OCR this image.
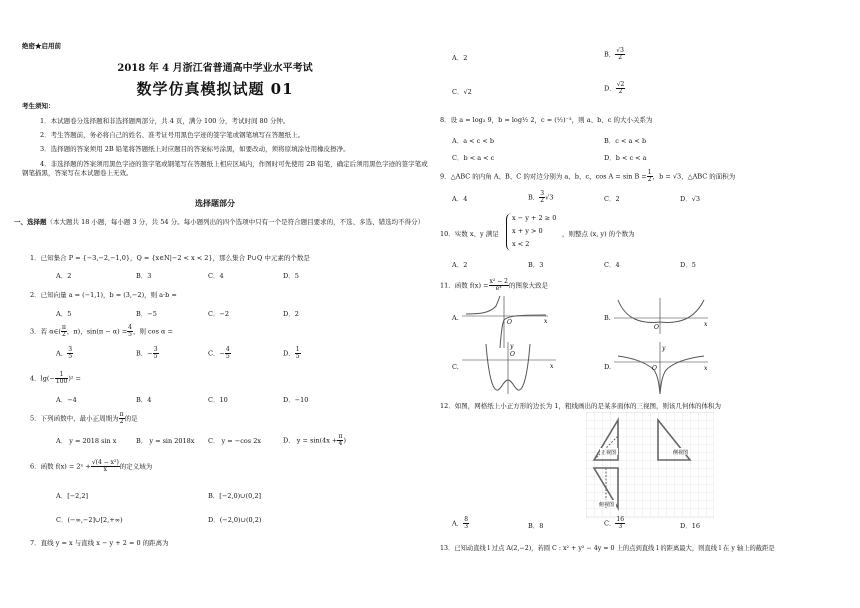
绝密★启用前
2018 年 4 月浙江省普通高中学业水平考试
数学仿真模拟试题 01
考生须知：
1．本试题卷分选择题和非选择题两部分，共 4 页，满分 100 分，考试时间 80 分钟。
2．考生答题前，务必将自己的姓名、准考证号用黑色字迹的签字笔或钢笔填写在答题纸上。
3．选择题的答案须用 2B 铅笔将答题纸上对应题目的答案标号涂黑，如要改动，须将原填涂处用橡皮擦净。
4．非选择题的答案须用黑色字迹的签字笔或钢笔写在答题纸上相应区域内，作图时可先使用 2B 铅笔，确定后须用黑色字迹的签字笔或钢笔描黑，答案写在本试题卷上无效。
选择题部分
一、选择题（本大题共 18 小题，每小题 3 分，共 54 分。每小题列出的四个选项中只有一个是符合题目要求的，不选、多选、错选均不得分）
1．已知集合 P = {−3,−2,−1,0}，Q = {x∈N|−2 < x < 2}，那么集合 P∪Q 中元素的个数是
A．2	B．3	C．4	D．5
2．已知向量 a = (−1,1)，b = (3,−2)，则 a·b =
A．5	B．−5	C．−2	D．2
3．若 α∈( $\frac{\pi}{2}$ ，π)，$\sin(\pi - \alpha) = \frac{4}{5}$ ，则 cos α =
A． $\frac{3}{5}$	B．− $\frac{3}{5}$	C．− $\frac{4}{5}$	D． $\frac{1}{5}$
4．$\lg(- \frac{1}{100} )^2$ =
A．−4	B．4	C．10	D．−10
5．下列函数中，最小正周期为 $\frac{\pi}{2}$ 的是
A． y = 2018 sin x	B． y = sin 2018x C． y = −cos 2x	D． $y = \sin(4x + \frac{\pi}{4}$ )
6．函数 f(x) = 2ˣ + $\frac{\text{√(4 − x²)}}{x}$ 的定义域为
A．[−2,2]	B．[−2,0)∪(0,2]
C．(−∞,−2]∪[2,+∞)	D．(−2,0)∪(0,2)
7．直线 y = x 与直线 x − y + 2 = 0 的距离为
A．2	B． $\frac{√3}{2}$
C．√2	D． $\frac{√2}{2}$
8．设 a = log₃ 9，b = log½ 2，c = (½)⁻³，则 a、b、c 的大小关系为
A．a < c < b	B．c < a < b
C．b < a < c	D．b < c < a
9．△ABC 的内角 A、B、C 的对边分别为 a、b、c，$\cos A = \sin B = \frac{1}{2}$ ，b = √3，△ABC 的面积为
A．4	B． $\frac{3}{2} √3$	C．2	D．√3
10．实数 x、y 满足
x − y + 2 ≥ 0
x + y > 0
x < 2
，则整点 (x, y) 的个数为
A．2	B．3	C．4	D．5
11．函数 $f(x) = \frac{\text{x² − 2}}{\text{eˣ}}$ 的图象大致是
A.
O	x	B.
O	x
C.
O
x
y
D.
y
O	x
12．如图，网格纸上小正方形的边长为 1，粗线画出的是某多面体的三视图，则该几何体的体积为
正视图	侧视图
俯视图
A． $\frac{8}{3}$	B．8	C． $\frac{16}{3}$	D．16
13．已知动直线 l 过点 A(2,−2)，若圆 C : x² + y² − 4y = 0 上的点到直线 l 的距离最大，则直线 l 在 y 轴上的截距是
